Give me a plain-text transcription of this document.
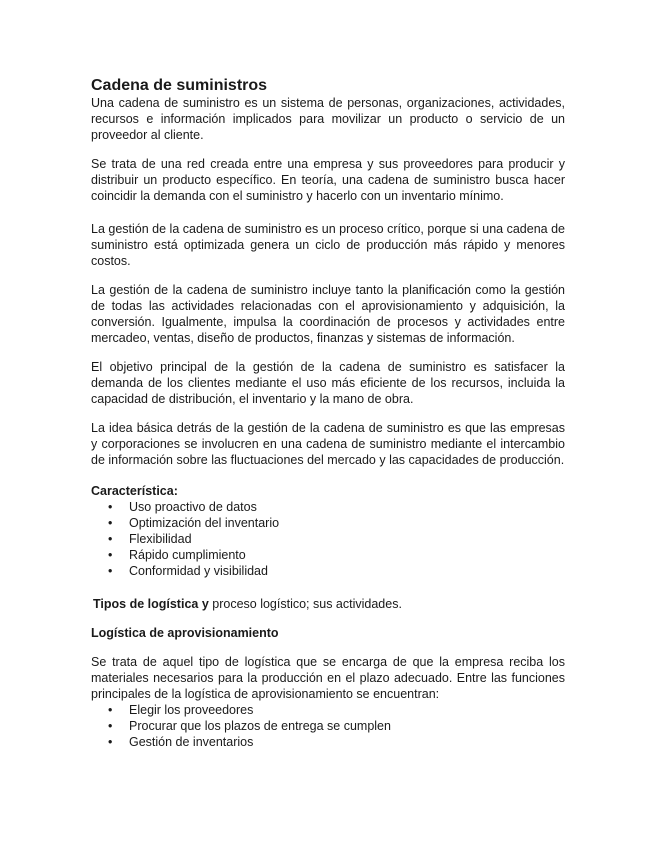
Cadena de suministros

Una cadena de suministro es un sistema de personas, organizaciones, actividades, recursos e información implicados para movilizar un producto o servicio de un proveedor al cliente.

Se trata de una red creada entre una empresa y sus proveedores para producir y distribuir un producto específico. En teoría, una cadena de suministro busca hacer coincidir la demanda con el suministro y hacerlo con un inventario mínimo.

La gestión de la cadena de suministro es un proceso crítico, porque si una cadena de suministro está optimizada genera un ciclo de producción más rápido y menores costos.

La gestión de la cadena de suministro incluye tanto la planificación como la gestión de todas las actividades relacionadas con el aprovisionamiento y adquisición, la conversión. Igualmente, impulsa la coordinación de procesos y actividades entre mercadeo, ventas, diseño de productos, finanzas y sistemas de información.

El objetivo principal de la gestión de la cadena de suministro es satisfacer la demanda de los clientes mediante el uso más eficiente de los recursos, incluida la capacidad de distribución, el inventario y la mano de obra.

La idea básica detrás de la gestión de la cadena de suministro es que las empresas y corporaciones se involucren en una cadena de suministro mediante el intercambio de información sobre las fluctuaciones del mercado y las capacidades de producción.

Característica:
• Uso proactivo de datos
• Optimización del inventario
• Flexibilidad
• Rápido cumplimiento
• Conformidad y visibilidad
Tipos de logística y proceso logístico; sus actividades.
Logística de aprovisionamiento

Se trata de aquel tipo de logística que se encarga de que la empresa reciba los materiales necesarios para la producción en el plazo adecuado. Entre las funciones principales de la logística de aprovisionamiento se encuentran:

• Elegir los proveedores
• Procurar que los plazos de entrega se cumplen
• Gestión de inventarios
